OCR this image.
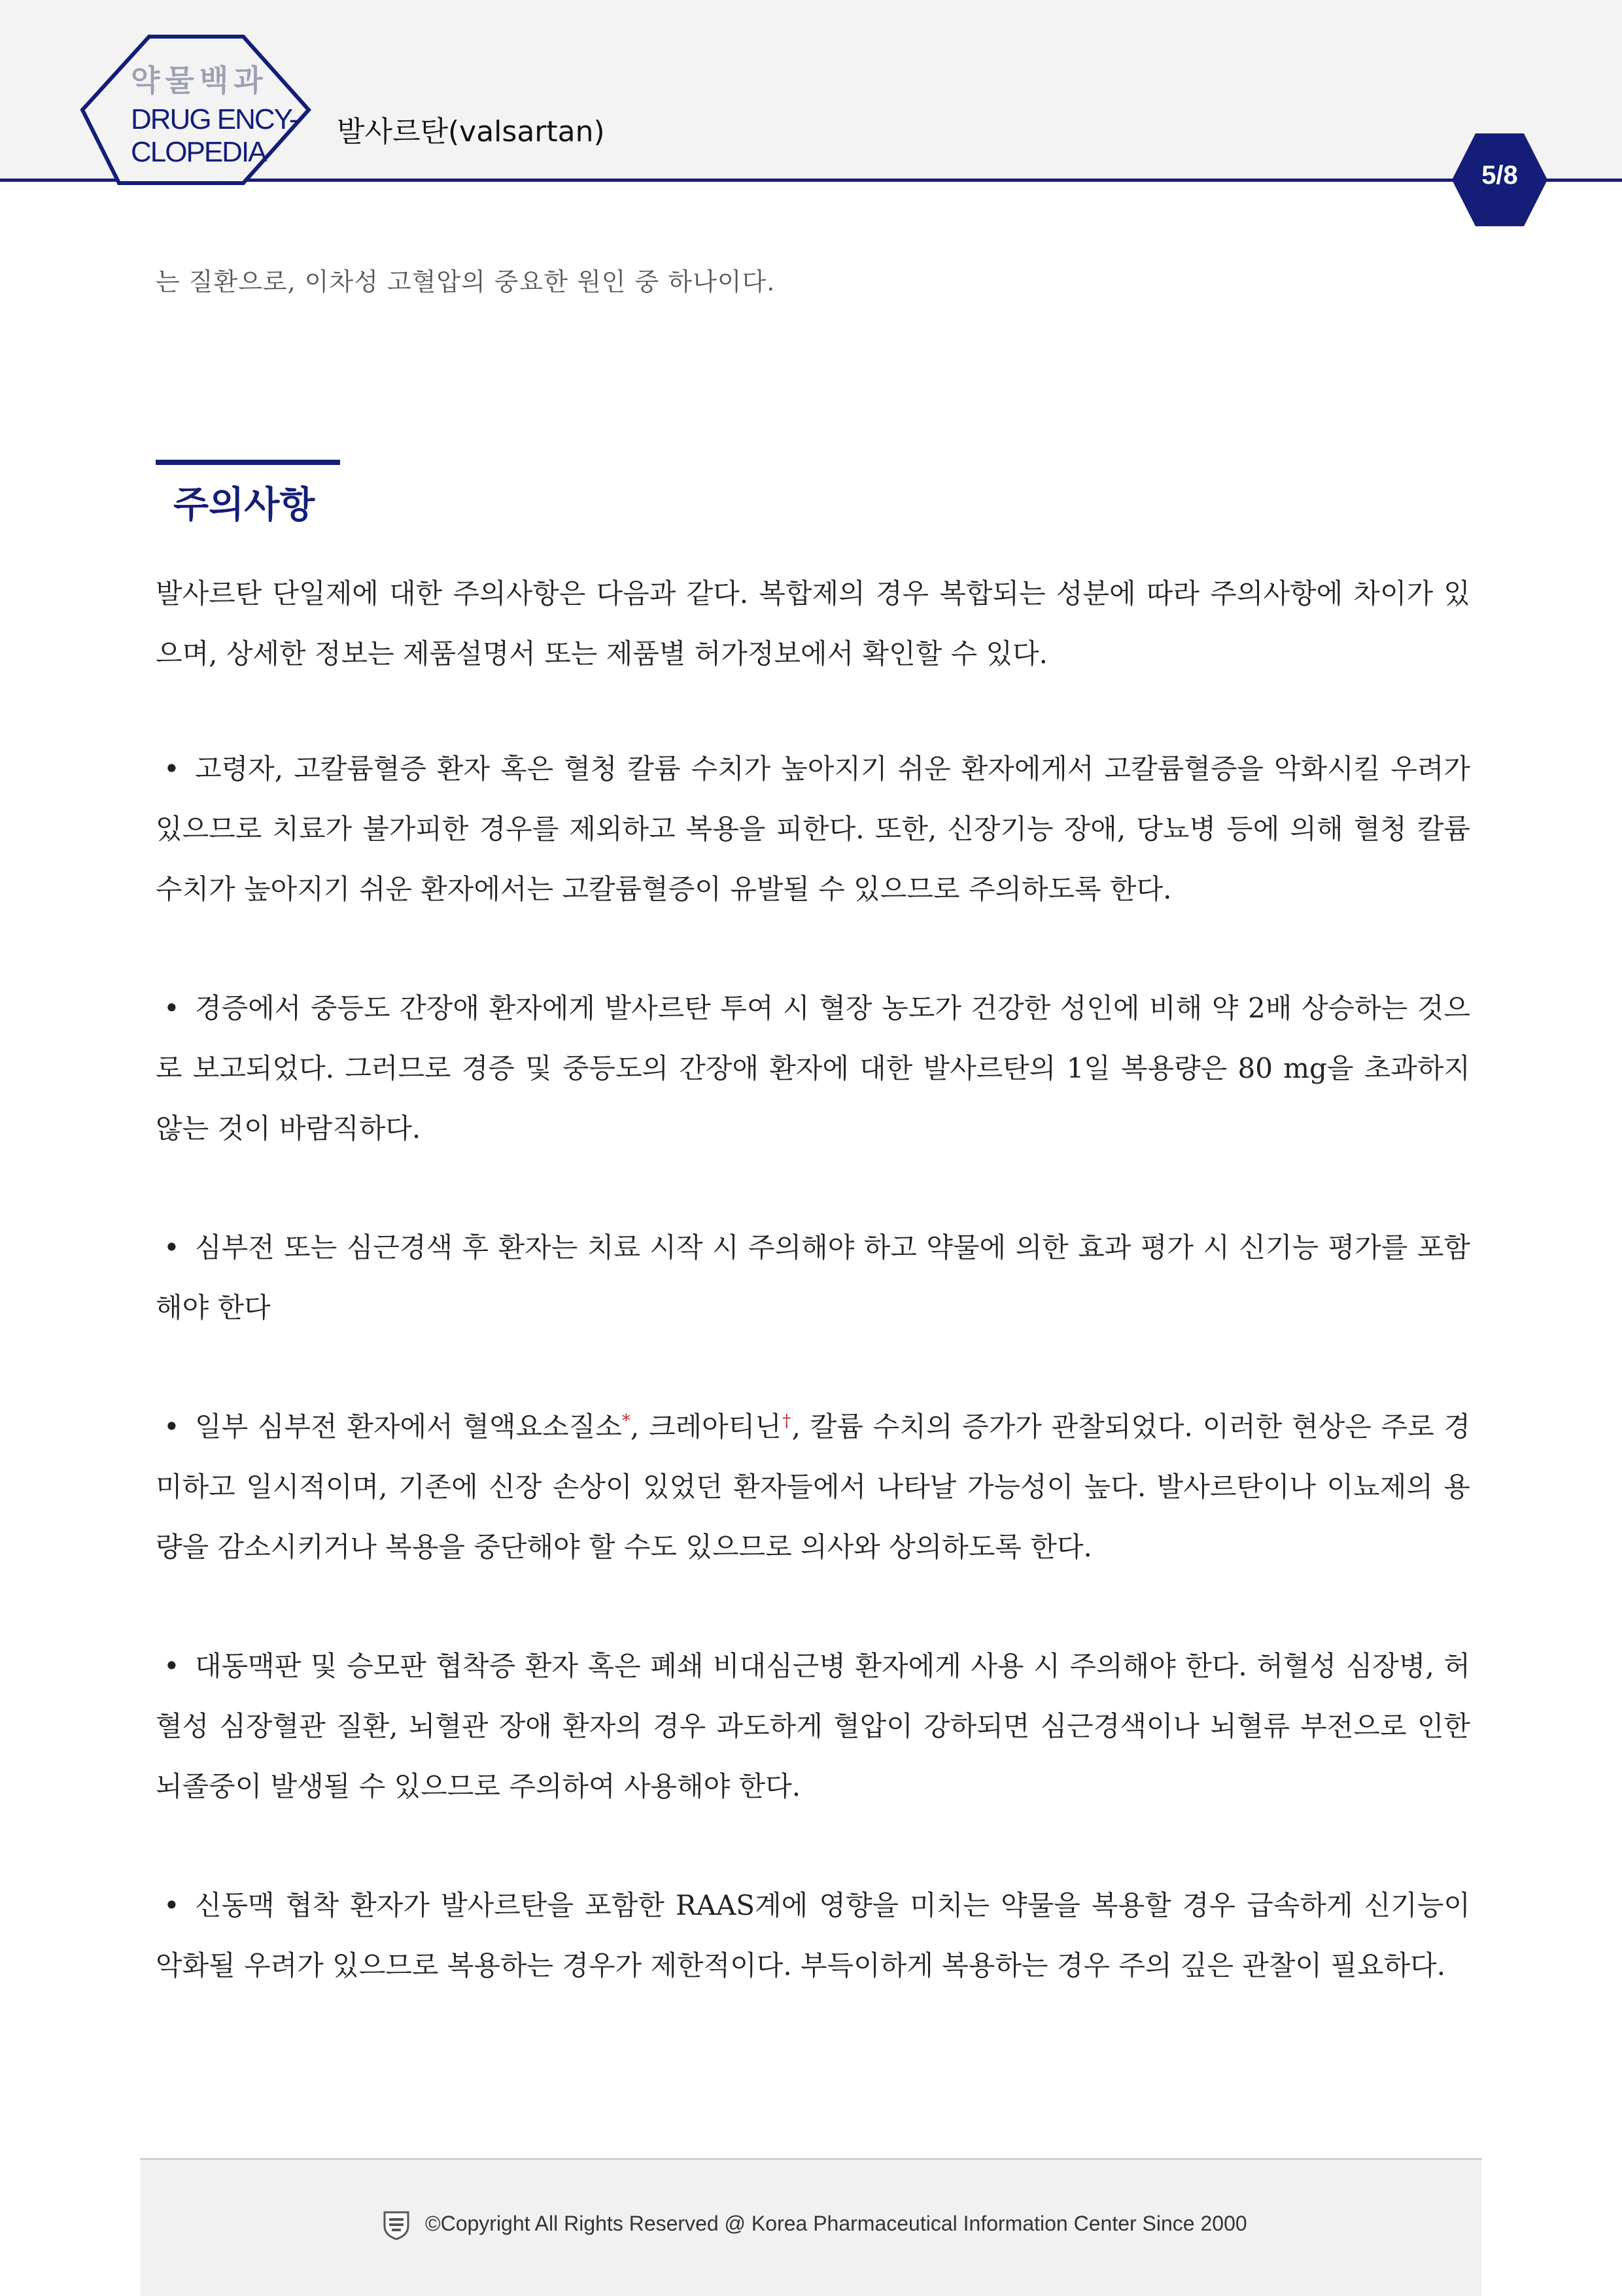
약물백과
DRUG ENCY-
CLOPEDIA
발사르탄(valsartan)
5/8
는 질환으로, 이차성 고혈압의 중요한 원인 중 하나이다.
주의사항
발사르탄 단일제에 대한 주의사항은 다음과 같다. 복합제의 경우 복합되는 성분에 따라 주의사항에 차이가 있으며, 상세한 정보는 제품설명서 또는 제품별 허가정보에서 확인할 수 있다.
• 고령자, 고칼륨혈증 환자 혹은 혈청 칼륨 수치가 높아지기 쉬운 환자에게서 고칼륨혈증을 악화시킬 우려가 있으므로 치료가 불가피한 경우를 제외하고 복용을 피한다. 또한, 신장기능 장애, 당뇨병 등에 의해 혈청 칼륨 수치가 높아지기 쉬운 환자에서는 고칼륨혈증이 유발될 수 있으므로 주의하도록 한다.
• 경증에서 중등도 간장애 환자에게 발사르탄 투여 시 혈장 농도가 건강한 성인에 비해 약 2배 상승하는 것으로 보고되었다. 그러므로 경증 및 중등도의 간장애 환자에 대한 발사르탄의 1일 복용량은 80 mg을 초과하지 않는 것이 바람직하다.
• 심부전 또는 심근경색 후 환자는 치료 시작 시 주의해야 하고 약물에 의한 효과 평가 시 신기능 평가를 포함해야 한다
• 일부 심부전 환자에서 혈액요소질소*, 크레아티닌†, 칼륨 수치의 증가가 관찰되었다. 이러한 현상은 주로 경미하고 일시적이며, 기존에 신장 손상이 있었던 환자들에서 나타날 가능성이 높다. 발사르탄이나 이뇨제의 용량을 감소시키거나 복용을 중단해야 할 수도 있으므로 의사와 상의하도록 한다.
• 대동맥판 및 승모판 협착증 환자 혹은 폐쇄 비대심근병 환자에게 사용 시 주의해야 한다. 허혈성 심장병, 허혈성 심장혈관 질환, 뇌혈관 장애 환자의 경우 과도하게 혈압이 강하되면 심근경색이나 뇌혈류 부전으로 인한 뇌졸중이 발생될 수 있으므로 주의하여 사용해야 한다.
• 신동맥 협착 환자가 발사르탄을 포함한 RAAS계에 영향을 미치는 약물을 복용할 경우 급속하게 신기능이 악화될 우려가 있으므로 복용하는 경우가 제한적이다. 부득이하게 복용하는 경우 주의 깊은 관찰이 필요하다.
©Copyright All Rights Reserved @ Korea Pharmaceutical Information Center Since 2000
